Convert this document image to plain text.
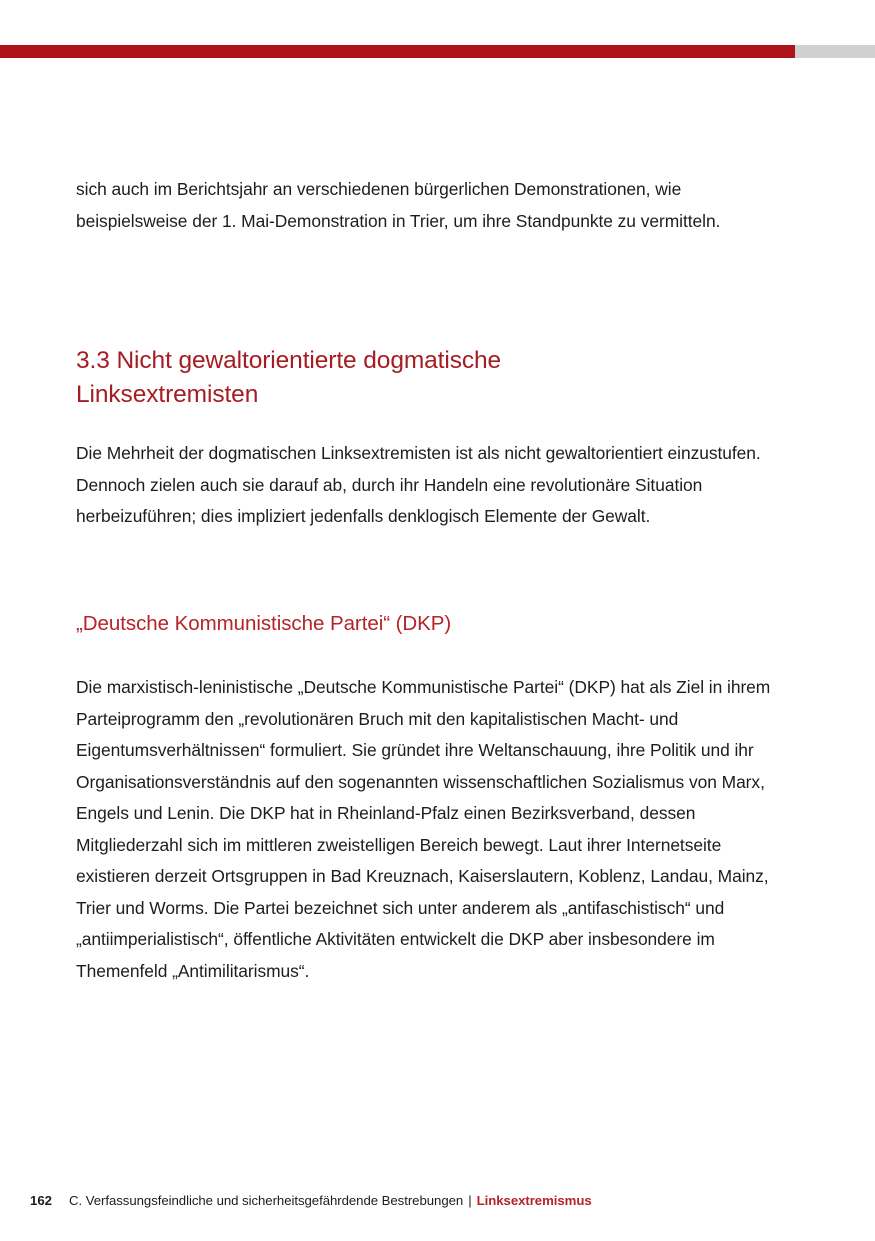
sich auch im Berichtsjahr an verschiedenen bürgerlichen Demonstrationen, wie beispielsweise der 1. Mai-Demonstration in Trier, um ihre Standpunkte zu vermitteln.

3.3 Nicht gewaltorientierte dogmatische Linksextremisten

Die Mehrheit der dogmatischen Linksextremisten ist als nicht gewaltorientiert einzustufen. Dennoch zielen auch sie darauf ab, durch ihr Handeln eine revolutionäre Situation herbeizuführen; dies impliziert jedenfalls denklogisch Elemente der Gewalt.

„Deutsche Kommunistische Partei“ (DKP)

Die marxistisch-leninistische „Deutsche Kommunistische Partei“ (DKP) hat als Ziel in ihrem Parteiprogramm den „revolutionären Bruch mit den kapitalistischen Macht- und Eigentumsverhältnissen“ formuliert. Sie gründet ihre Weltanschauung, ihre Politik und ihr Organisationsverständnis auf den sogenannten wissenschaftlichen Sozialismus von Marx, Engels und Lenin. Die DKP hat in Rheinland-Pfalz einen Bezirksverband, dessen Mitgliederzahl sich im mittleren zweistelligen Bereich bewegt. Laut ihrer Internetseite existieren derzeit Ortsgruppen in Bad Kreuznach, Kaiserslautern, Koblenz, Landau, Mainz, Trier und Worms. Die Partei bezeichnet sich unter anderem als „antifaschistisch“ und „antiimperialistisch“, öffentliche Aktivitäten entwickelt die DKP aber insbesondere im Themenfeld „Antimilitarismus“.

162 C. Verfassungsfeindliche und sicherheitsgefährdende Bestrebungen | Linksextremismus
